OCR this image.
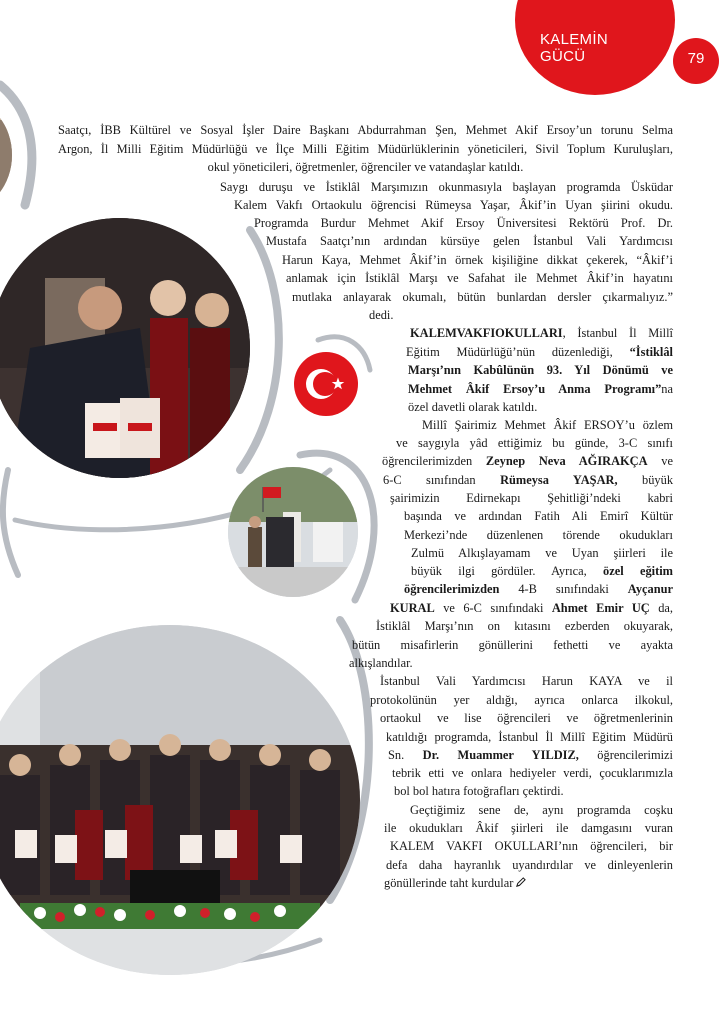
KALEMİN GÜCÜ	79
Saatçı, İBB Kültürel ve Sosyal İşler Daire Başkanı Abdurrahman Şen, Mehmet Akif Ersoy’un torunu Selma
Argon, İl Milli Eğitim Müdürlüğü ve İlçe Milli Eğitim Müdürlüklerinin yöneticileri, Sivil Toplum Kuruluşları,
okul yöneticileri, öğretmenler, öğrenciler ve vatandaşlar katıldı.
Saygı duruşu ve İstiklâl Marşımızın okunmasıyla başlayan programda Üsküdar
Kalem Vakfı Ortaokulu öğrencisi Rümeysa Yaşar, Âkif’in Uyan şiirini okudu.
Programda Burdur Mehmet Akif Ersoy Üniversitesi Rektörü Prof. Dr.
Mustafa Saatçı’nın ardından kürsüye gelen İstanbul Vali Yardımcısı
Harun Kaya, Mehmet Âkif’in örnek kişiliğine dikkat çekerek, “Âkif’i
anlamak için İstiklâl Marşı ve Safahat ile Mehmet Âkif’in hayatını
mutlaka anlayarak okumalı, bütün bunlardan dersler çıkarmalıyız.”
dedi.
KALEMVAKFIOKULLARI, İstanbul İl Millî
Eğitim Müdürlüğü’nün düzenlediği, “İstiklâl
Marşı’nın Kabûlünün 93. Yıl Dönümü ve
Mehmet Âkif Ersoy’u Anma Programı”na
özel davetli olarak katıldı.
Millî Şairimiz Mehmet Âkif ERSOY’u özlem
ve saygıyla yâd ettiğimiz bu günde, 3-C sınıfı
öğrencilerimizden Zeynep Neva AĞIRAKÇA ve
6-C sınıfından Rümeysa YAŞAR, büyük
şairimizin Edirnekapı Şehitliği’ndeki kabri
başında ve ardından Fatih Ali Emirî Kültür
Merkezi’nde düzenlenen törende okudukları
Zulmü Alkışlayamam ve Uyan şiirleri ile
büyük ilgi gördüler. Ayrıca, özel eğitim
öğrencilerimizden 4-B sınıfındaki Ayçanur
KURAL ve 6-C sınıfındaki Ahmet Emir UÇ da,
İstiklâl Marşı’nın on kıtasını ezberden okuyarak,
bütün misafirlerin gönüllerini fethetti ve ayakta
alkışlandılar.
İstanbul Vali Yardımcısı Harun KAYA ve il
protokolünün yer aldığı, ayrıca onlarca ilkokul,
ortaokul ve lise öğrencileri ve öğretmenlerinin
katıldığı programda, İstanbul İl Millî Eğitim Müdürü
Sn. Dr. Muammer YILDIZ, öğrencilerimizi
tebrik etti ve onlara hediyeler verdi, çocuklarımızla
bol bol hatıra fotoğrafları çektirdi.
Geçtiğimiz sene de, aynı programda coşku
ile okudukları Âkif şiirleri ile damgasını vuran
KALEM VAKFI OKULLARI’nın öğrencileri, bir
defa daha hayranlık uyandırdılar ve dinleyenlerin
gönüllerinde taht kurdular
